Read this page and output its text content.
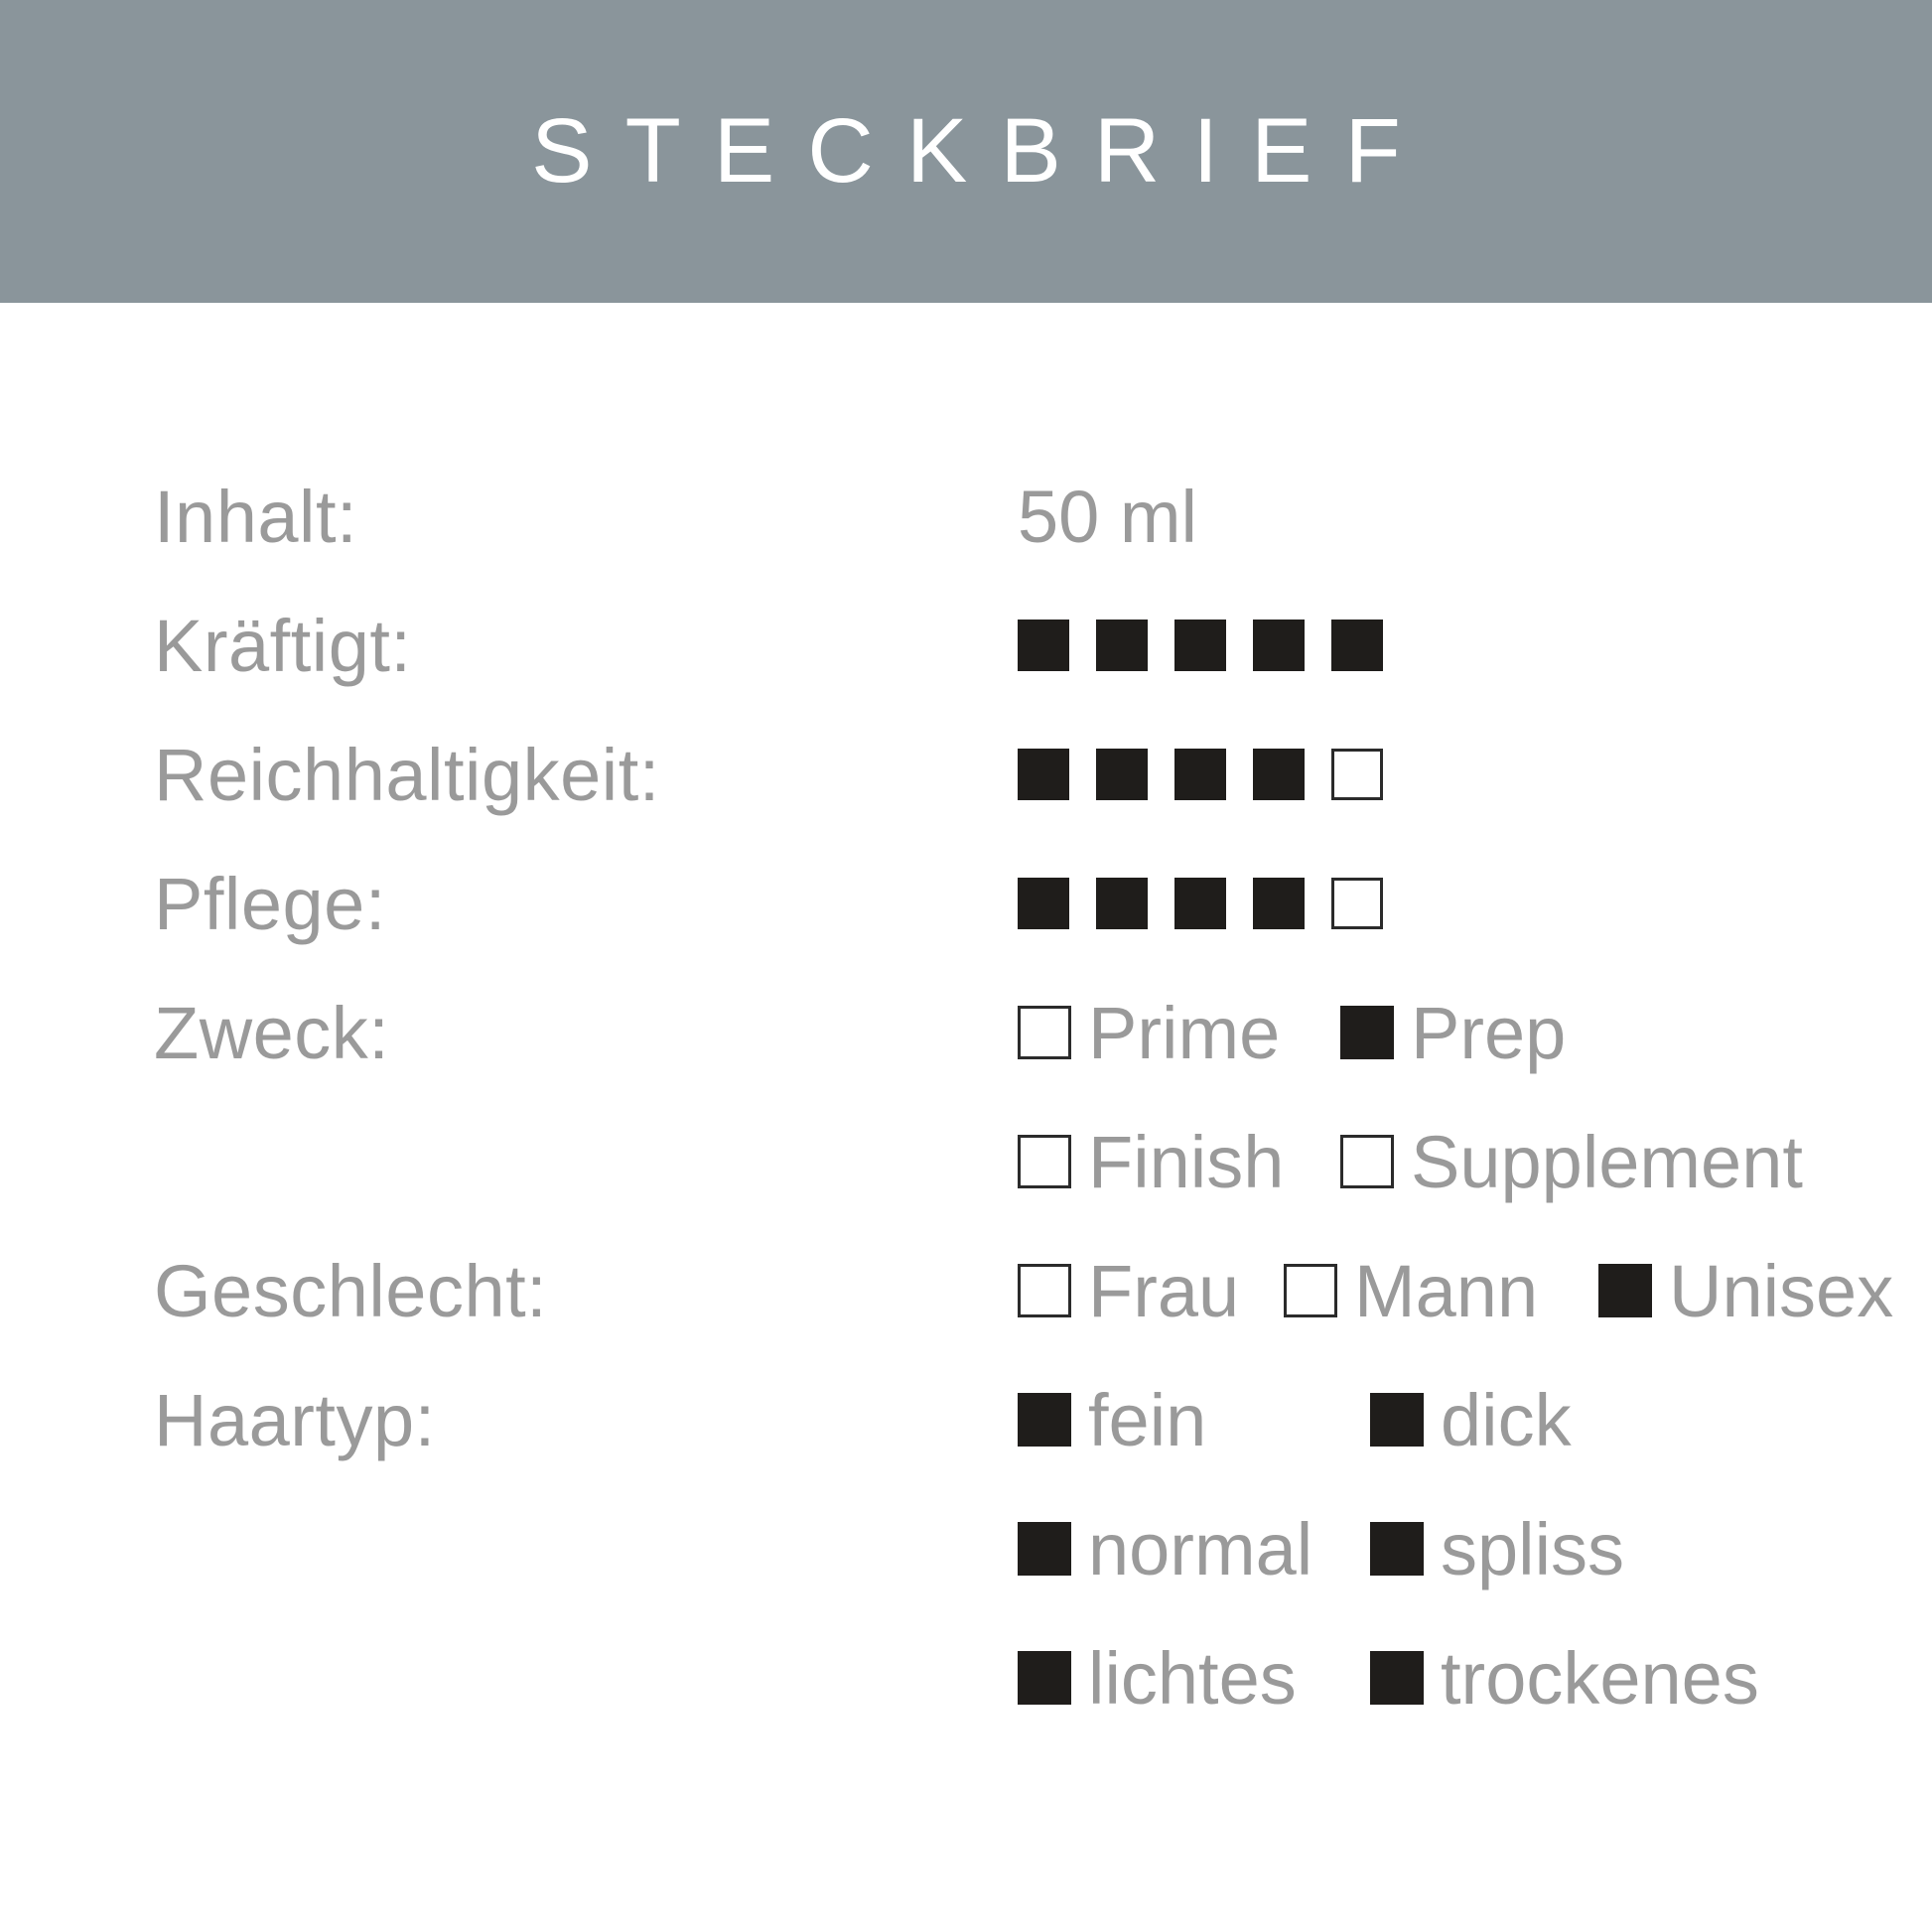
STECKBRIEF
Inhalt:	50 ml
Kräftigt:
Reichhaltigkeit:
Pflege:
Zweck:	Prime Prep
Finish Supplement
Geschlecht:	Frau Mann Unisex
Haartyp:	fein	dick
normal spliss
lichtes trockenes
